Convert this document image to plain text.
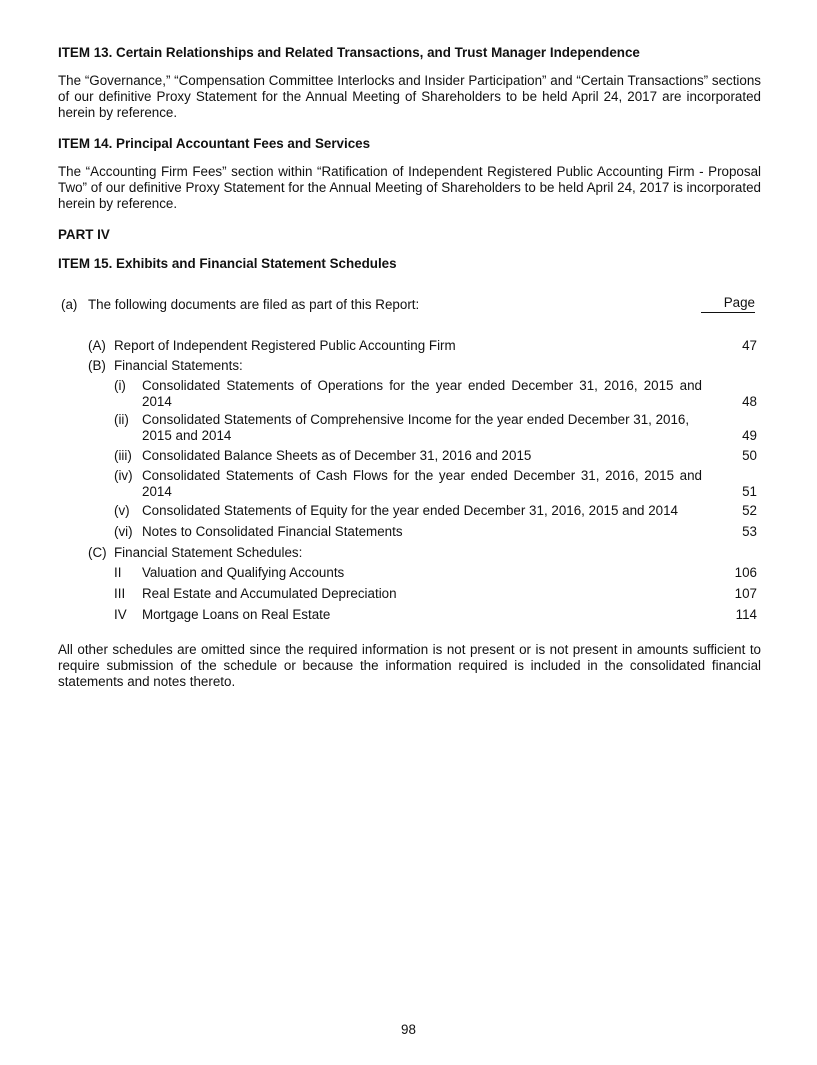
ITEM 13. Certain Relationships and Related Transactions, and Trust Manager Independence
The “Governance,” “Compensation Committee Interlocks and Insider Participation” and “Certain Transactions” sections of our definitive Proxy Statement for the Annual Meeting of Shareholders to be held April 24, 2017 are incorporated herein by reference.
ITEM 14. Principal Accountant Fees and Services
The “Accounting Firm Fees” section within “Ratification of Independent Registered Public Accounting Firm - Proposal Two” of our definitive Proxy Statement for the Annual Meeting of Shareholders to be held April 24, 2017 is incorporated herein by reference.
PART IV
ITEM 15. Exhibits and Financial Statement Schedules
(a) The following documents are filed as part of this Report:	Page
(A) Report of Independent Registered Public Accounting Firm	47
(B) Financial Statements:
(i) Consolidated Statements of Operations for the year ended December 31, 2016, 2015 and 2014	48
(ii) Consolidated Statements of Comprehensive Income for the year ended December 31, 2016, 2015 and 2014	49
(iii) Consolidated Balance Sheets as of December 31, 2016 and 2015	50
(iv) Consolidated Statements of Cash Flows for the year ended December 31, 2016, 2015 and 2014	51
(v) Consolidated Statements of Equity for the year ended December 31, 2016, 2015 and 2014	52
(vi) Notes to Consolidated Financial Statements	53
(C) Financial Statement Schedules:
II Valuation and Qualifying Accounts	106
III Real Estate and Accumulated Depreciation	107
IV Mortgage Loans on Real Estate	114
All other schedules are omitted since the required information is not present or is not present in amounts sufficient to require submission of the schedule or because the information required is included in the consolidated financial statements and notes thereto.
98
